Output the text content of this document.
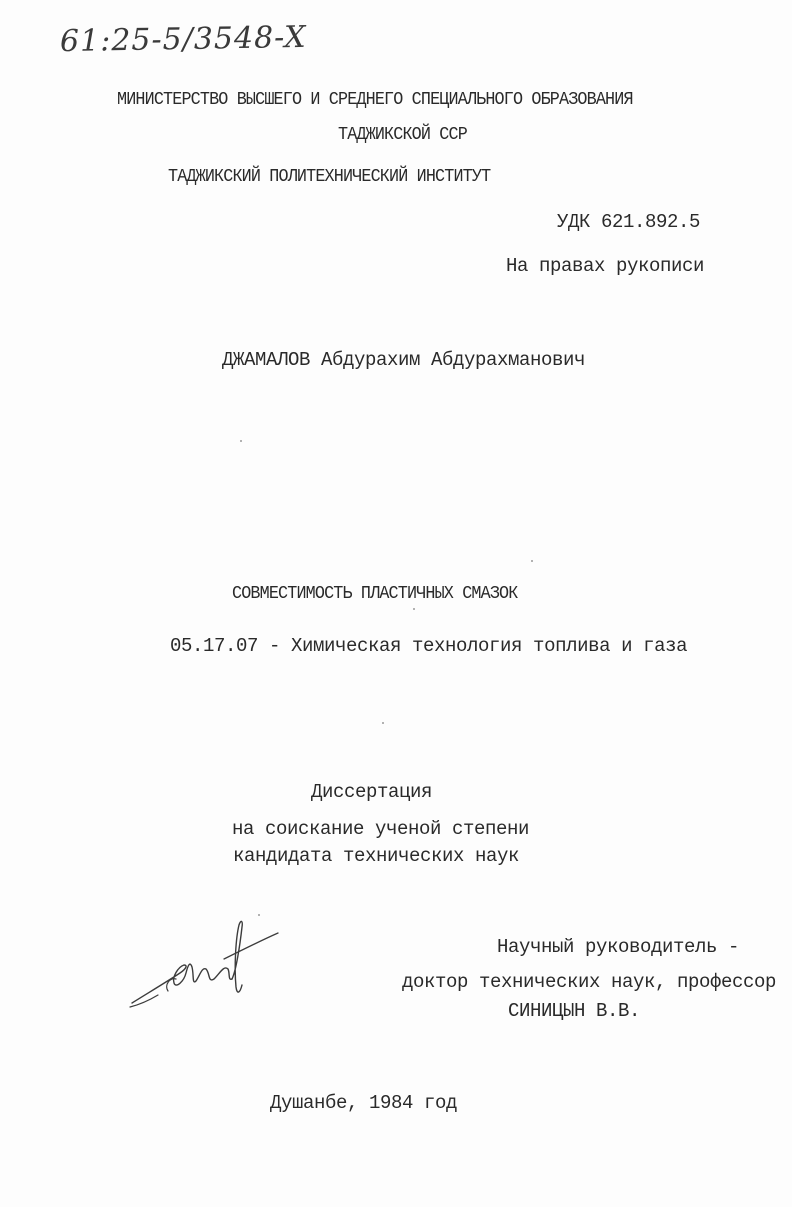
61:25-5/3548-X
МИНИСТЕРСТВО ВЫСШЕГО И СРЕДНЕГО СПЕЦИАЛЬНОГО ОБРАЗОВАНИЯ
ТАДЖИКСКОЙ ССР
ТАДЖИКСКИЙ ПОЛИТЕХНИЧЕСКИЙ ИНСТИТУТ
УДК 621.892.5
На правах рукописи
ДЖАМАЛОВ Абдурахим Абдурахманович
СОВМЕСТИМОСТЬ ПЛАСТИЧНЫХ СМАЗОК
05.17.07 - Химическая технология топлива и газа
Диссертация
на соискание ученой степени
кандидата технических наук
Научный руководитель -
доктор технических наук, профессор
СИНИЦЫН В.В.
Душанбе, 1984 год
